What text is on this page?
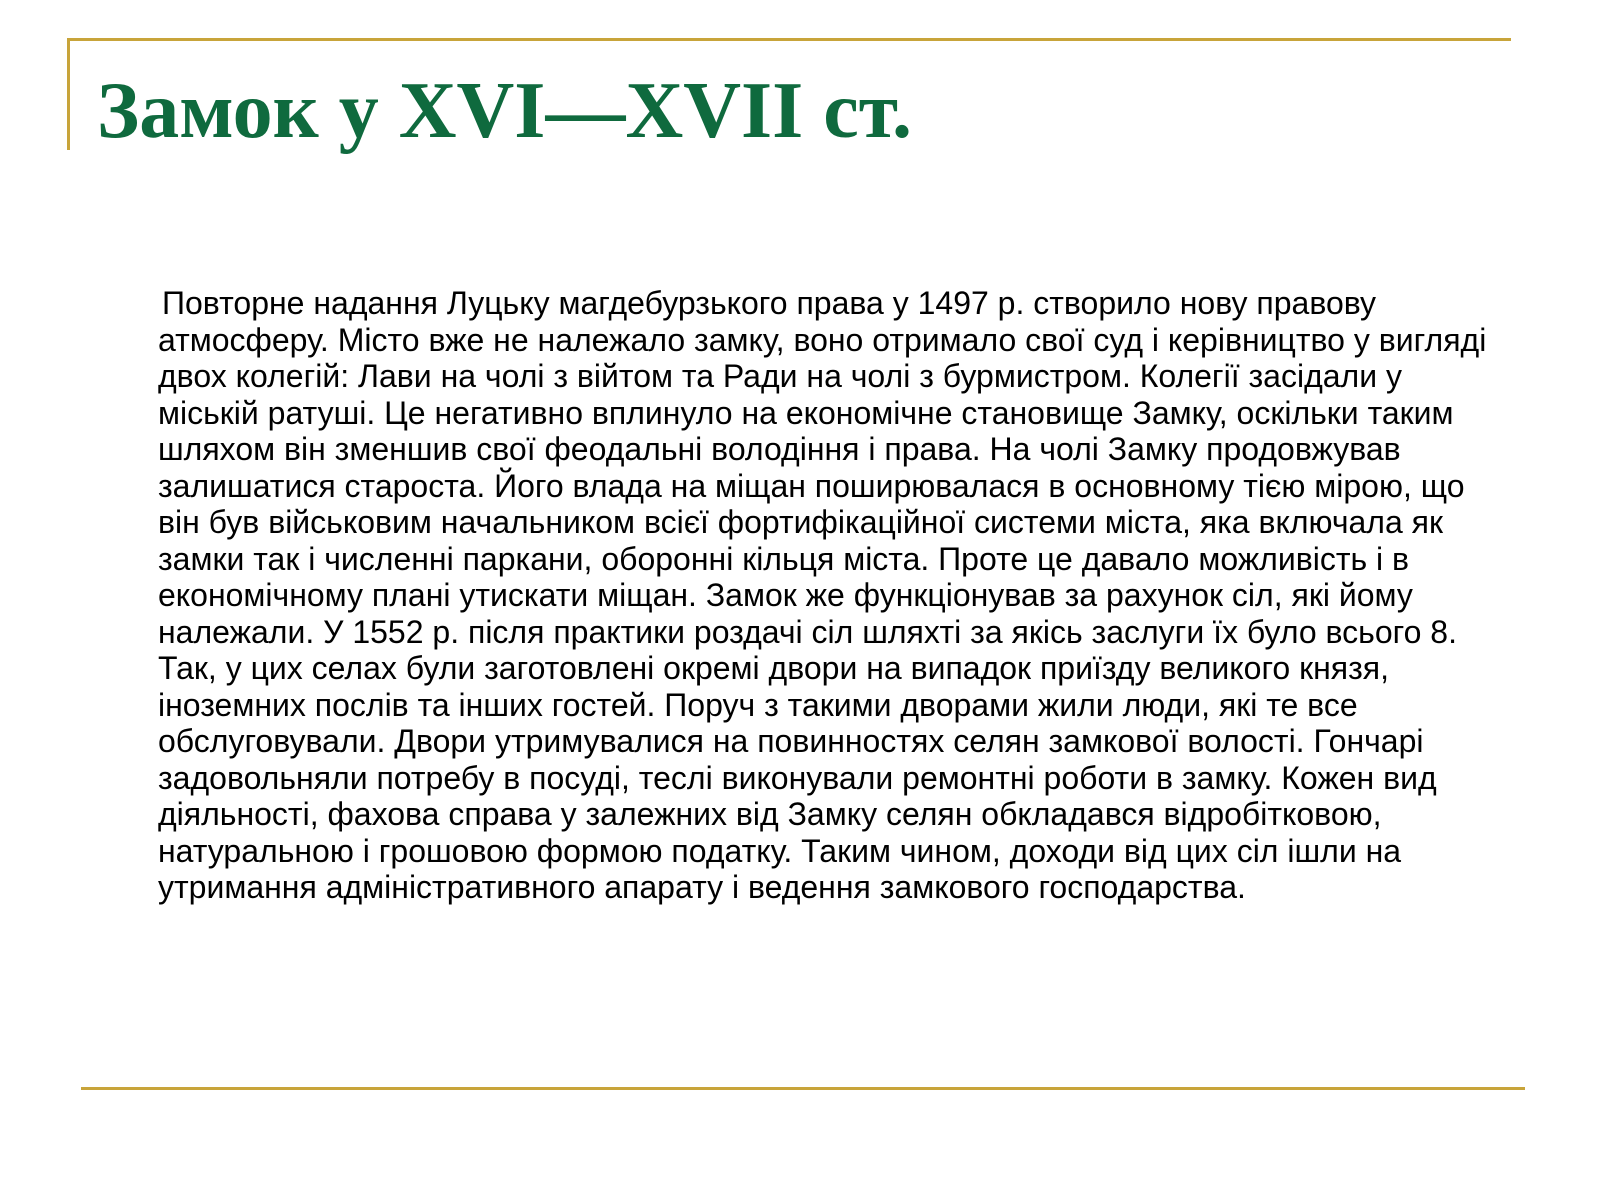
Замок у XVI—XVII ст.

Повторне надання Луцьку магдебурзького права у 1497 р. створило нову правову атмосферу. Місто вже не належало замку, воно отримало свої суд і керівництво у вигляді двох колегій: Лави на чолі з війтом та Ради на чолі з бурмистром. Колегії засідали у міській ратуші. Це негативно вплинуло на економічне становище Замку, оскільки таким шляхом він зменшив свої феодальні володіння і права. На чолі Замку продовжував залишатися староста. Його влада на міщан поширювалася в основному тією мірою, що він був військовим начальником всієї фортифікаційної системи міста, яка включала як замки так і численні паркани, оборонні кільця міста. Проте це давало можливість і в економічному плані утискати міщан. Замок же функціонував за рахунок сіл, які йому належали. У 1552 р. після практики роздачі сіл шляхті за якісь заслуги їх було всього 8. Так, у цих селах були заготовлені окремі двори на випадок приїзду великого князя, іноземних послів та інших гостей. Поруч з такими дворами жили люди, які те все обслуговували. Двори утримувалися на повинностях селян замкової волості. Гончарі задовольняли потребу в посуді, теслі виконували ремонтні роботи в замку. Кожен вид діяльності, фахова справа у залежних від Замку селян обкладався відробітковою, натуральною і грошовою формою податку. Таким чином, доходи від цих сіл ішли на утримання адміністративного апарату і ведення замкового господарства.
